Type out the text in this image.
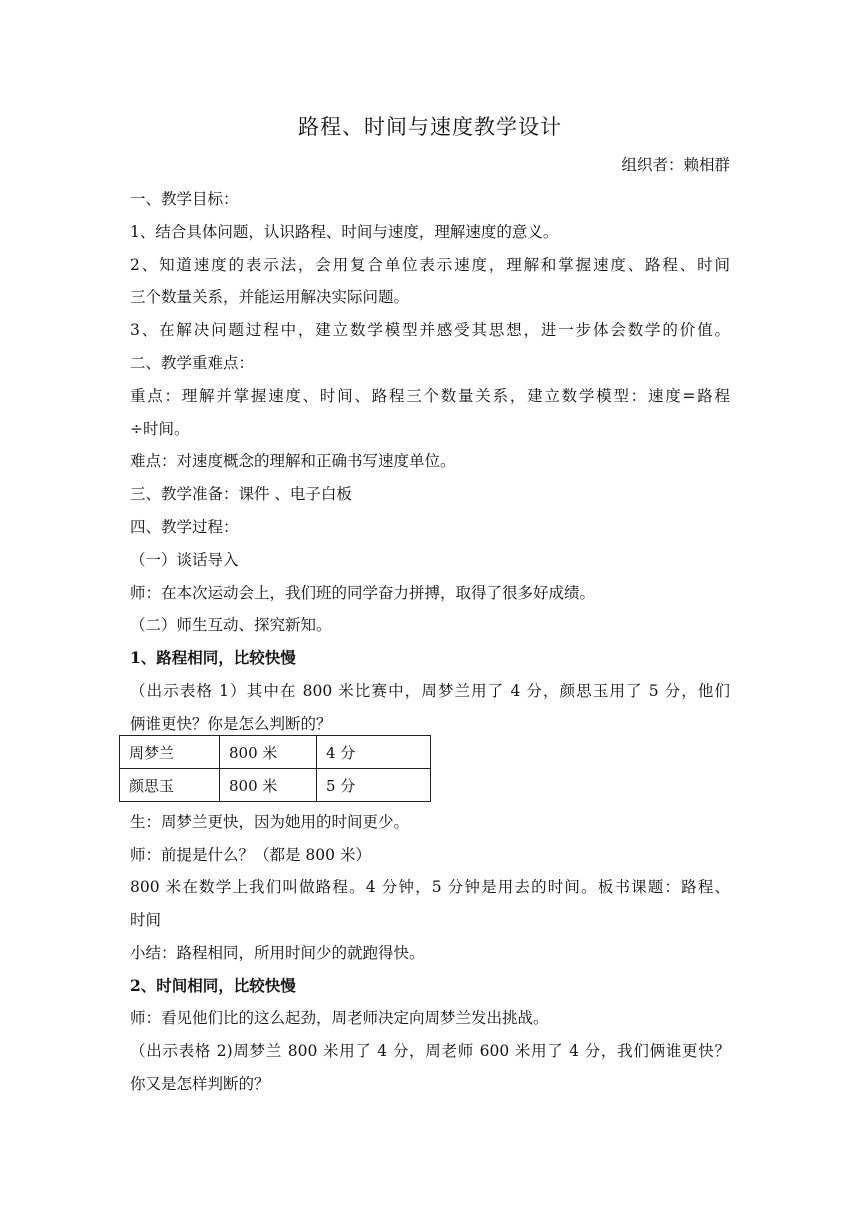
路程、时间与速度教学设计
组织者：赖相群
一、教学目标：
1、结合具体问题，认识路程、时间与速度，理解速度的意义。
2、知道速度的表示法，会用复合单位表示速度，理解和掌握速度、路程、时间
三个数量关系，并能运用解决实际问题。
3、在解决问题过程中，建立数学模型并感受其思想，进一步体会数学的价值。
二、教学重难点：
重点：理解并掌握速度、时间、路程三个数量关系，建立数学模型：速度=路程
÷时间。
难点：对速度概念的理解和正确书写速度单位。
三、教学准备：课件 、电子白板
四、教学过程：
（一）谈话导入
师：在本次运动会上，我们班的同学奋力拼搏，取得了很多好成绩。
（二）师生互动、探究新知。
1、路程相同，比较快慢
（出示表格 1）其中在 800 米比赛中，周梦兰用了 4 分，颜思玉用了 5 分，他们
俩谁更快？你是怎么判断的？
周梦兰	800 米	4 分
颜思玉	800 米	5 分
生：周梦兰更快，因为她用的时间更少。
师：前提是什么？（都是 800 米）
800 米在数学上我们叫做路程。4 分钟，5 分钟是用去的时间。板书课题：路程、
时间
小结：路程相同，所用时间少的就跑得快。
2、时间相同，比较快慢
师：看见他们比的这么起劲，周老师决定向周梦兰发出挑战。
（出示表格 2)周梦兰 800 米用了 4 分，周老师 600 米用了 4 分，我们俩谁更快？
你又是怎样判断的？
